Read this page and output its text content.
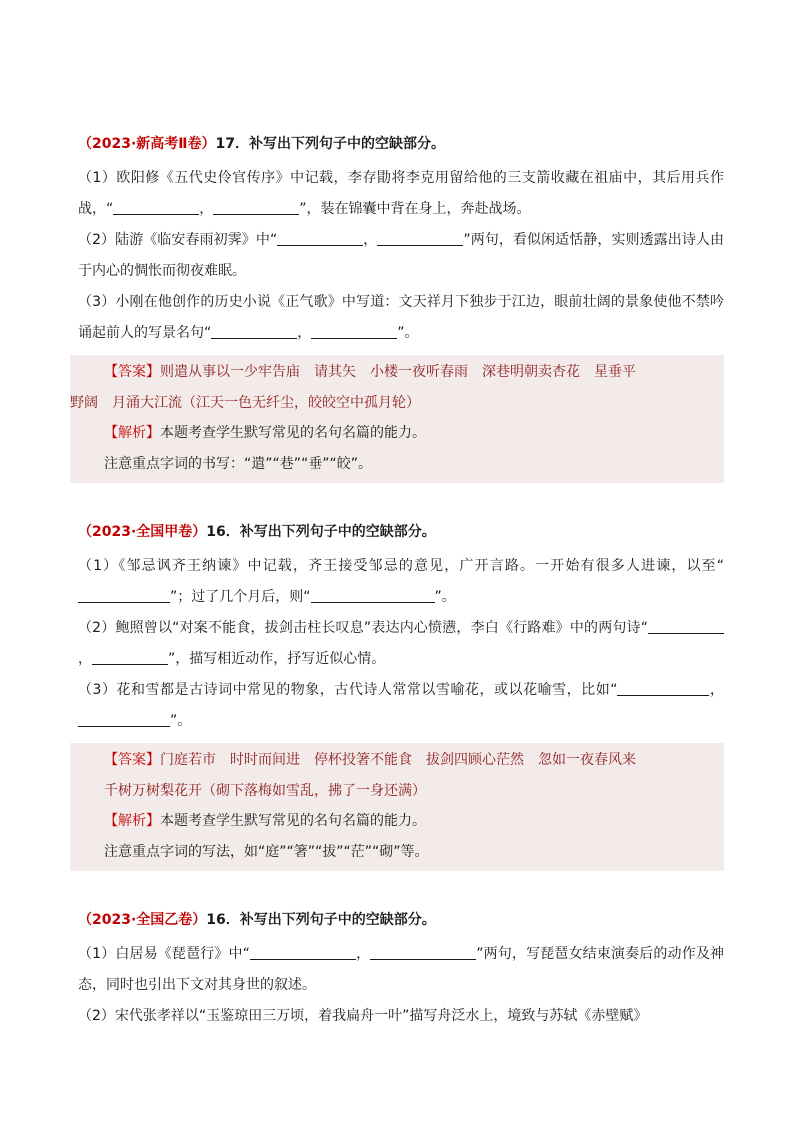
（2023·新高考Ⅱ卷）17．补写出下列句子中的空缺部分。

（1）欧阳修《五代史伶官传序》中记载，李存勖将李克用留给他的三支箭收藏在祖庙中，其后用兵作战，“	，	”，装在锦囊中背在身上，奔赴战场。

（2）陆游《临安春雨初霁》中“	，	”两句，看似闲适恬静，实则透露出诗人由于内心的惆怅而彻夜难眠。

（3）小刚在他创作的历史小说《正气歌》中写道：文天祥月下独步于江边，眼前壮阔的景象使他不禁吟诵起前人的写景名句“	，	”。

【答案】则遣从事以一少牢告庙　请其矢　小楼一夜听春雨　深巷明朝卖杏花　星垂平

野阔　月涌大江流（江天一色无纤尘，皎皎空中孤月轮）

【解析】本题考查学生默写常见的名句名篇的能力。

注意重点字词的书写：“遣”“巷”“垂”“皎”。

（2023·全国甲卷）16．补写出下列句子中的空缺部分。

（1）《邹忌讽齐王纳谏》中记载，齐王接受邹忌的意见，广开言路。一开始有很多人进谏，以至“”；过了几个月后，则“	”。

（2）鲍照曾以“对案不能食，拔剑击柱长叹息”表达内心愤懑，李白《行路难》中的两句诗“，	”，描写相近动作，抒写近似心情。

（3）花和雪都是古诗词中常见的物象，古代诗人常常以雪喻花，或以花喻雪，比如“	，”。

【答案】门庭若市　时时而间进　停杯投箸不能食　拔剑四顾心茫然　忽如一夜春风来

千树万树梨花开（砌下落梅如雪乱，拂了一身还满）

【解析】本题考查学生默写常见的名句名篇的能力。

注意重点字词的写法，如“庭”“箸”“拔”“茫”“砌”等。

（2023·全国乙卷）16．补写出下列句子中的空缺部分。

（1）白居易《琵琶行》中“	，	”两句，写琵琶女结束演奏后的动作及神态，同时也引出下文对其身世的叙述。

（2）宋代张孝祥以“玉鉴琼田三万顷，着我扁舟一叶”描写舟泛水上，境致与苏轼《赤壁赋》
